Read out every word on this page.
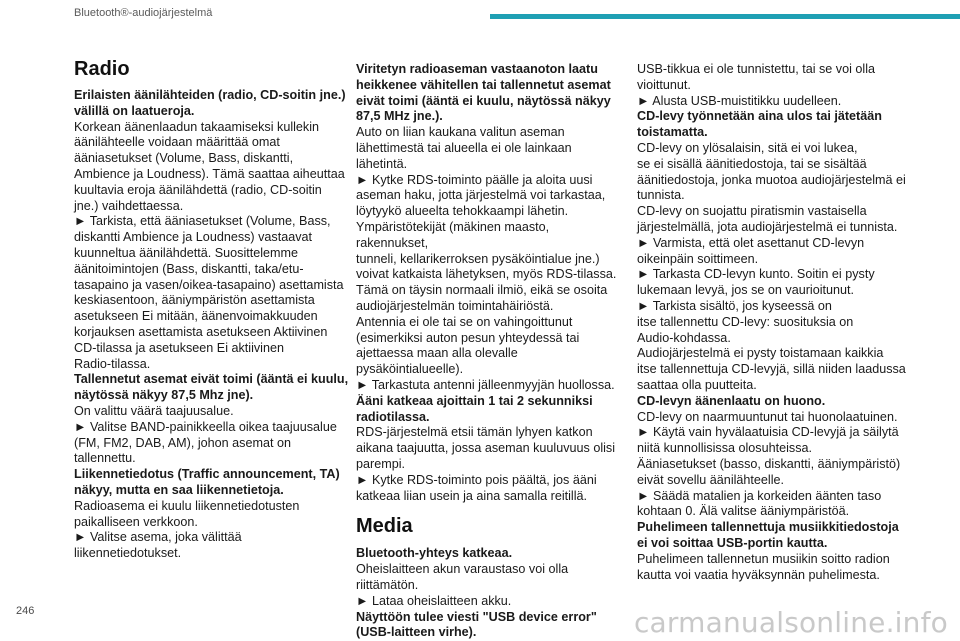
Bluetooth®-audiojärjestelmä
Radio

Erilaisten äänilähteiden (radio, CD-soitin jne.)
välillä on laatueroja.

Korkean äänenlaadun takaamiseksi kullekin
äänilähteelle voidaan määrittää omat
ääniasetukset (Volume, Bass, diskantti,
Ambience ja Loudness). Tämä saattaa aiheuttaa
kuultavia eroja äänilähdettä (radio, CD-soitin
jne.) vaihdettaessa.
► Tarkista, että ääniasetukset (Volume, Bass,
diskantti Ambience ja Loudness) vastaavat
kuunneltua äänilähdettä. Suosittelemme
äänitoimintojen (Bass, diskantti, taka/etu-
tasapaino ja vasen/oikea-tasapaino) asettamista
keskiasentoon, ääniympäristön asettamista
asetukseen Ei mitään, äänenvoimakkuuden
korjauksen asettamista asetukseen Aktiivinen
CD-tilassa ja asetukseen Ei aktiivinen
Radio-tilassa.

Tallennetut asemat eivät toimi (ääntä ei kuulu,
näytössä näkyy 87,5 Mhz jne).

On valittu väärä taajuusalue.
► Valitse BAND-painikkeella oikea taajuusalue
(FM, FM2, DAB, AM), johon asemat on
tallennettu.

Liikennetiedotus (Traffic announcement, TA)
näkyy, mutta en saa liikennetietoja.

Radioasema ei kuulu liikennetiedotusten
paikalliseen verkkoon.
► Valitse asema, joka välittää
liikennetiedotukset.

Viritetyn radioaseman vastaanoton laatu
heikkenee vähitellen tai tallennetut asemat
eivät toimi (ääntä ei kuulu, näytössä näkyy
87,5 MHz jne.).

Auto on liian kaukana valitun aseman
lähettimestä tai alueella ei ole lainkaan lähetintä.
► Kytke RDS-toiminto päälle ja aloita uusi
aseman haku, jotta järjestelmä voi tarkastaa,
löytyykö alueelta tehokkaampi lähetin.
Ympäristötekijät (mäkinen maasto, rakennukset,
tunneli, kellarikerroksen pysäköintialue jne.)
voivat katkaista lähetyksen, myös RDS-tilassa.
Tämä on täysin normaali ilmiö, eikä se osoita
audiojärjestelmän toimintahäiriöstä.
Antennia ei ole tai se on vahingoittunut
(esimerkiksi auton pesun yhteydessä tai
ajettaessa maan alla olevalle pysäköintialueelle).
► Tarkastuta antenni jälleenmyyjän huollossa.

Ääni katkeaa ajoittain 1 tai 2 sekunniksi
radiotilassa.

RDS-järjestelmä etsii tämän lyhyen katkon
aikana taajuutta, jossa aseman kuuluvuus olisi
parempi.
► Kytke RDS-toiminto pois päältä, jos ääni
katkeaa liian usein ja aina samalla reitillä.

Media

Bluetooth-yhteys katkeaa.

Oheislaitteen akun varaustaso voi olla
riittämätön.
► Lataa oheislaitteen akku.

Näyttöön tulee viesti "USB device error"
(USB-laitteen virhe).

USB-tikkua ei ole tunnistettu, tai se voi olla
vioittunut.
► Alusta USB-muistitikku uudelleen.

CD-levy työnnetään aina ulos tai jätetään
toistamatta.

CD-levy on ylösalaisin, sitä ei voi lukea,
se ei sisällä äänitiedostoja, tai se sisältää
äänitiedostoja, jonka muotoa audiojärjestelmä ei
tunnista.
CD-levy on suojattu piratismin vastaisella
järjestelmällä, jota audiojärjestelmä ei tunnista.
► Varmista, että olet asettanut CD-levyn
oikeinpäin soittimeen.
► Tarkasta CD-levyn kunto. Soitin ei pysty
lukemaan levyä, jos se on vaurioitunut.
► Tarkista sisältö, jos kyseessä on
itse tallennettu CD-levy: suosituksia on
Audio-kohdassa.
Audiojärjestelmä ei pysty toistamaan kaikkia
itse tallennettuja CD-levyjä, sillä niiden laadussa
saattaa olla puutteita.

CD-levyn äänenlaatu on huono.

CD-levy on naarmuuntunut tai huonolaatuinen.
► Käytä vain hyvälaatuisia CD-levyjä ja säilytä
niitä kunnollisissa olosuhteissa.
Ääniasetukset (basso, diskantti, ääniympäristö)
eivät sovellu äänilähteelle.
► Säädä matalien ja korkeiden äänten taso
kohtaan 0. Älä valitse ääniympäristöä.

Puhelimeen tallennettuja musiikkitiedostoja
ei voi soittaa USB-portin kautta.

Puhelimeen tallennetun musiikin soitto radion
kautta voi vaatia hyväksynnän puhelimesta.

246	carmanualsonline.info
